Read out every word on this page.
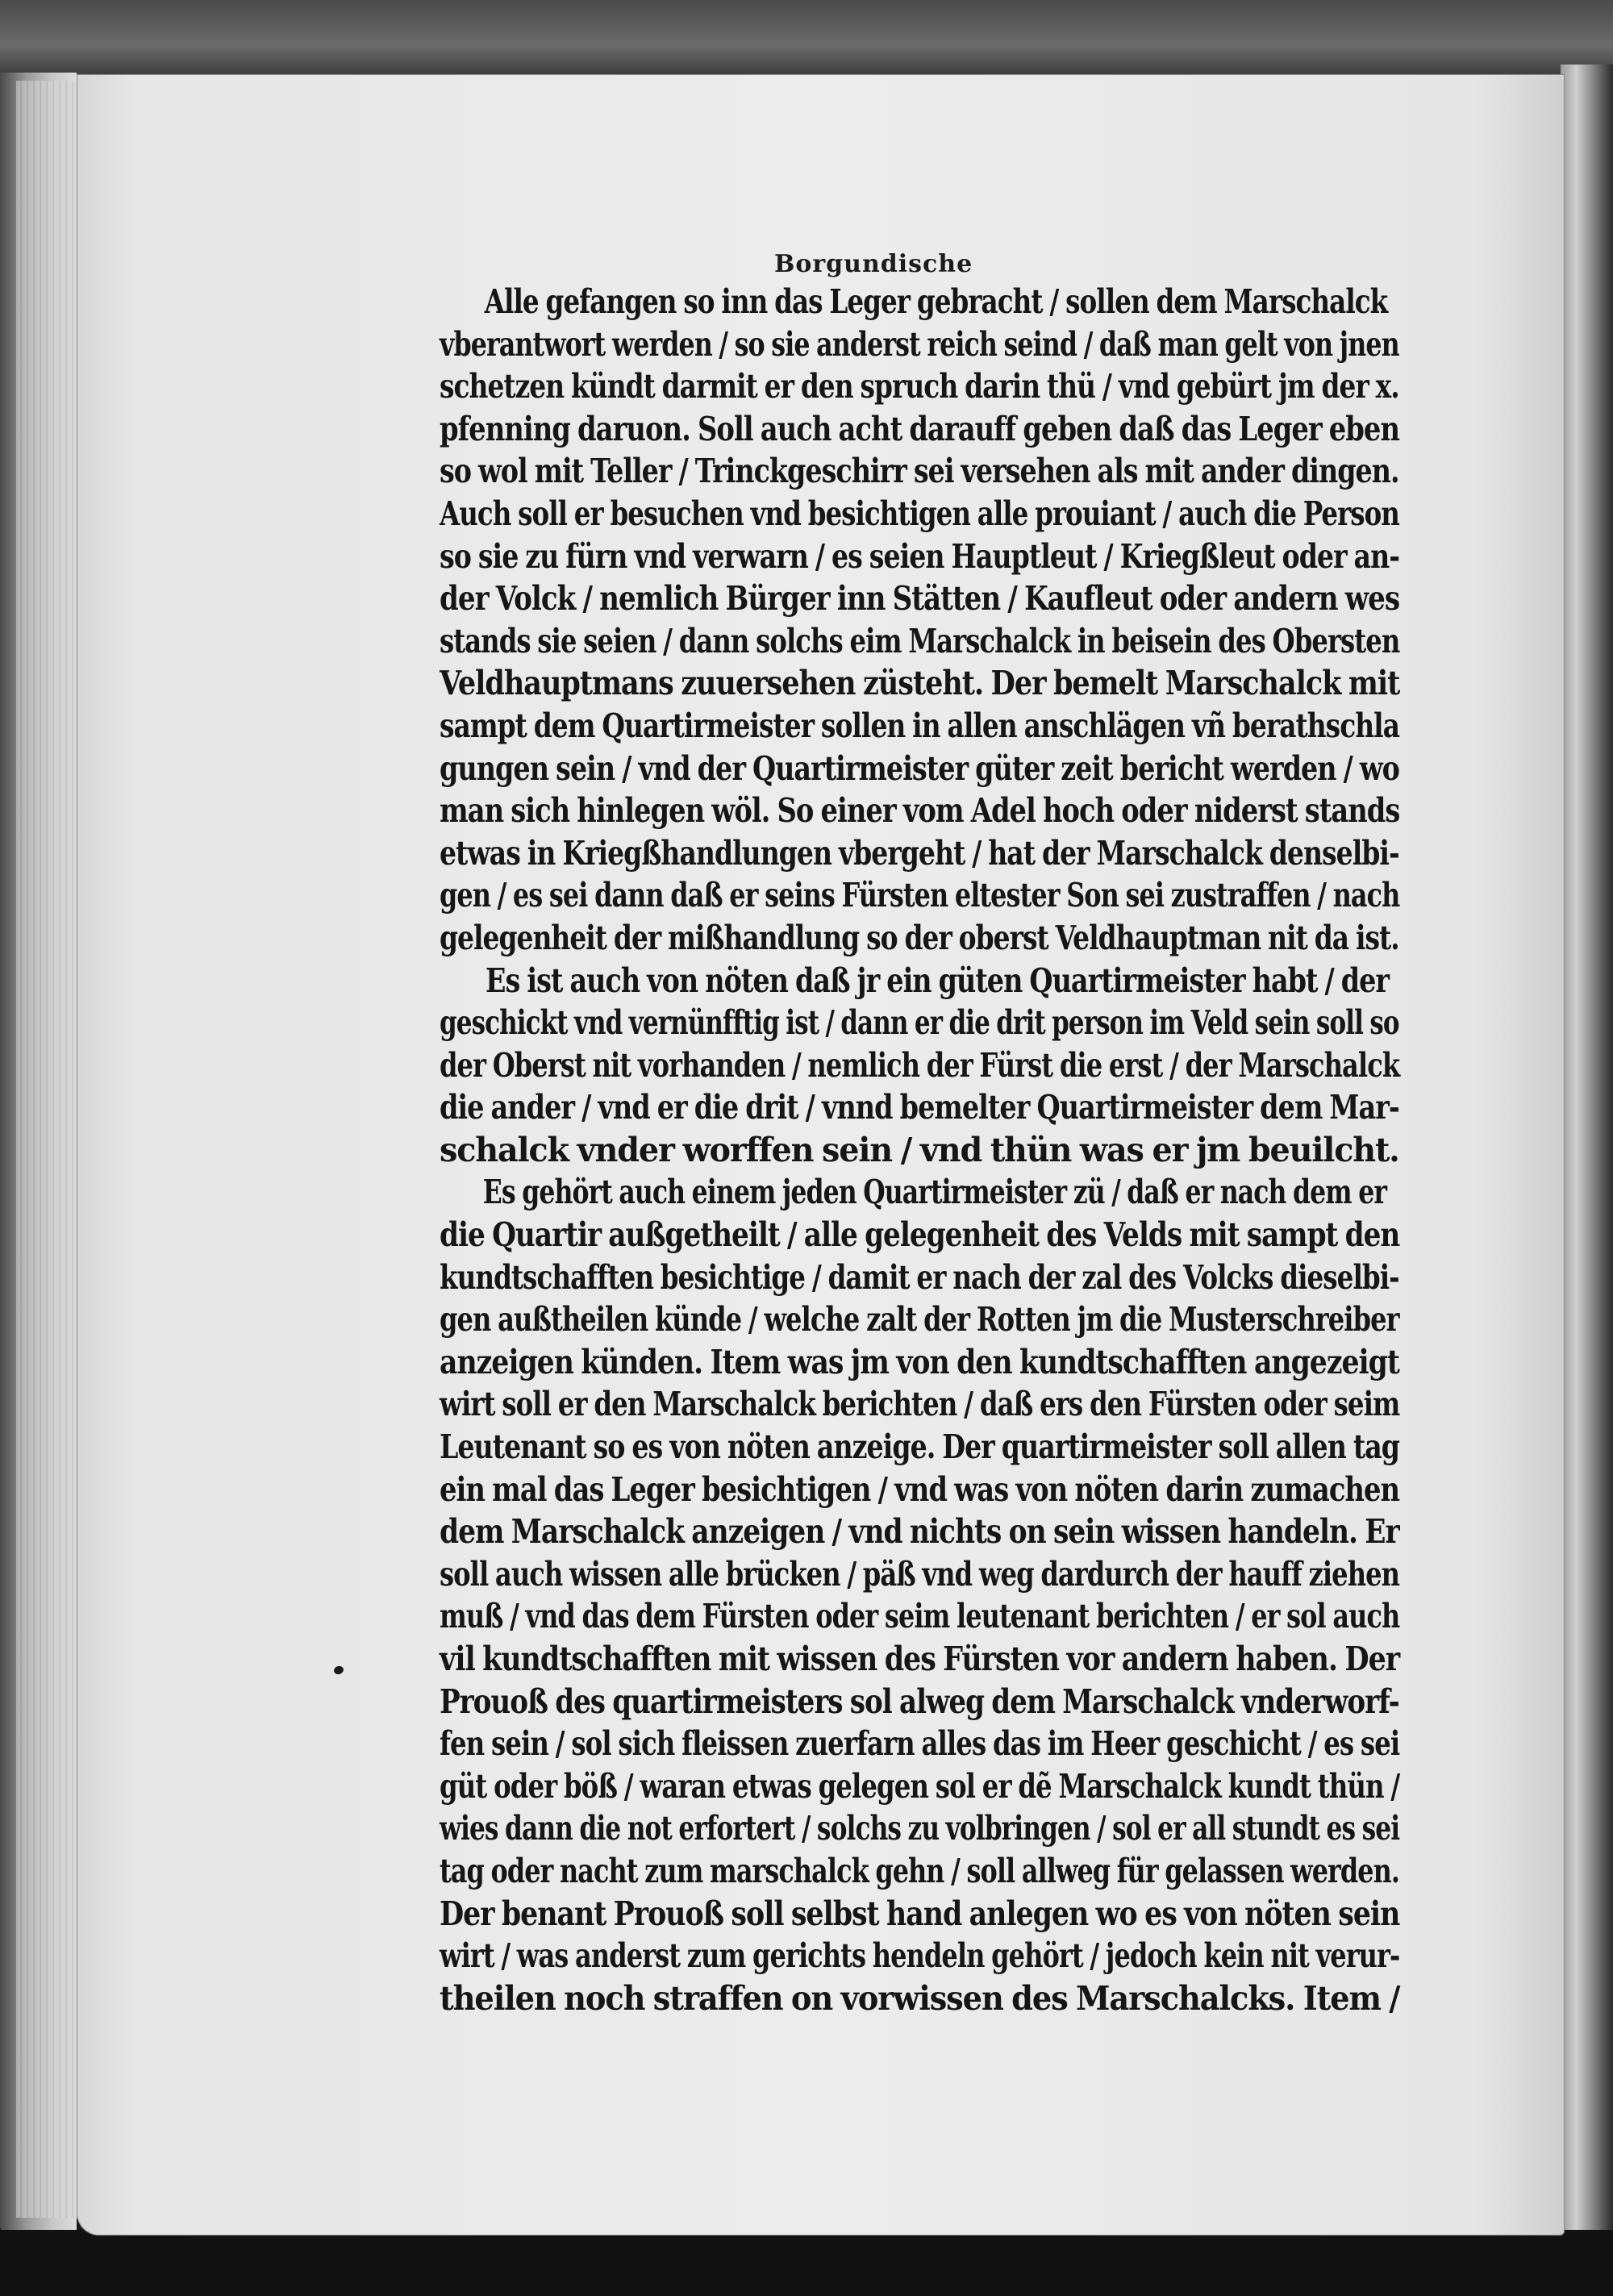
Borgundische
Alle gefangen so inn das Leger gebracht / sollen dem Marschalck
vberantwort werden / so sie anderst reich seind / daß man gelt von jnen
schetzen kündt darmit er den spruch darin thü / vnd gebürt jm der x.
pfenning daruon. Soll auch acht darauff geben daß das Leger eben
so wol mit Teller / Trinckgeschirr sei versehen als mit ander dingen.
Auch soll er besuchen vnd besichtigen alle prouiant / auch die Person
so sie zu fürn vnd verwarn / es seien Hauptleut / Kriegßleut oder an-
der Volck / nemlich Bürger inn Stätten / Kaufleut oder andern wes
stands sie seien / dann solchs eim Marschalck in beisein des Obersten
Veldhauptmans zuuersehen züsteht. Der bemelt Marschalck mit
sampt dem Quartirmeister sollen in allen anschlägen vñ berathschla
gungen sein / vnd der Quartirmeister güter zeit bericht werden / wo
man sich hinlegen wöl. So einer vom Adel hoch oder niderst stands
etwas in Kriegßhandlungen vbergeht / hat der Marschalck denselbi-
gen / es sei dann daß er seins Fürsten eltester Son sei zustraffen / nach
gelegenheit der mißhandlung so der oberst Veldhauptman nit da ist.
Es ist auch von nöten daß jr ein güten Quartirmeister habt / der
geschickt vnd vernünfftig ist / dann er die drit person im Veld sein soll so
der Oberst nit vorhanden / nemlich der Fürst die erst / der Marschalck
die ander / vnd er die drit / vnnd bemelter Quartirmeister dem Mar-
schalck vnder worffen sein / vnd thün was er jm beuilcht.
Es gehört auch einem jeden Quartirmeister zü / daß er nach dem er
die Quartir außgetheilt / alle gelegenheit des Velds mit sampt den
kundtschafften besichtige / damit er nach der zal des Volcks dieselbi-
gen außtheilen künde / welche zalt der Rotten jm die Musterschreiber
anzeigen künden. Item was jm von den kundtschafften angezeigt
wirt soll er den Marschalck berichten / daß ers den Fürsten oder seim
Leutenant so es von nöten anzeige. Der quartirmeister soll allen tag
ein mal das Leger besichtigen / vnd was von nöten darin zumachen
dem Marschalck anzeigen / vnd nichts on sein wissen handeln. Er
soll auch wissen alle brücken / päß vnd weg dardurch der hauff ziehen
muß / vnd das dem Fürsten oder seim leutenant berichten / er sol auch
vil kundtschafften mit wissen des Fürsten vor andern haben. Der
Prouoß des quartirmeisters sol alweg dem Marschalck vnderworf-
fen sein / sol sich fleissen zuerfarn alles das im Heer geschicht / es sei
güt oder böß / waran etwas gelegen sol er dẽ Marschalck kundt thün /
wies dann die not erfortert / solchs zu volbringen / sol er all stundt es sei
tag oder nacht zum marschalck gehn / soll allweg für gelassen werden.
Der benant Prouoß soll selbst hand anlegen wo es von nöten sein
wirt / was anderst zum gerichts hendeln gehört / jedoch kein nit verur-
theilen noch straffen on vorwissen des Marschalcks. Item /
